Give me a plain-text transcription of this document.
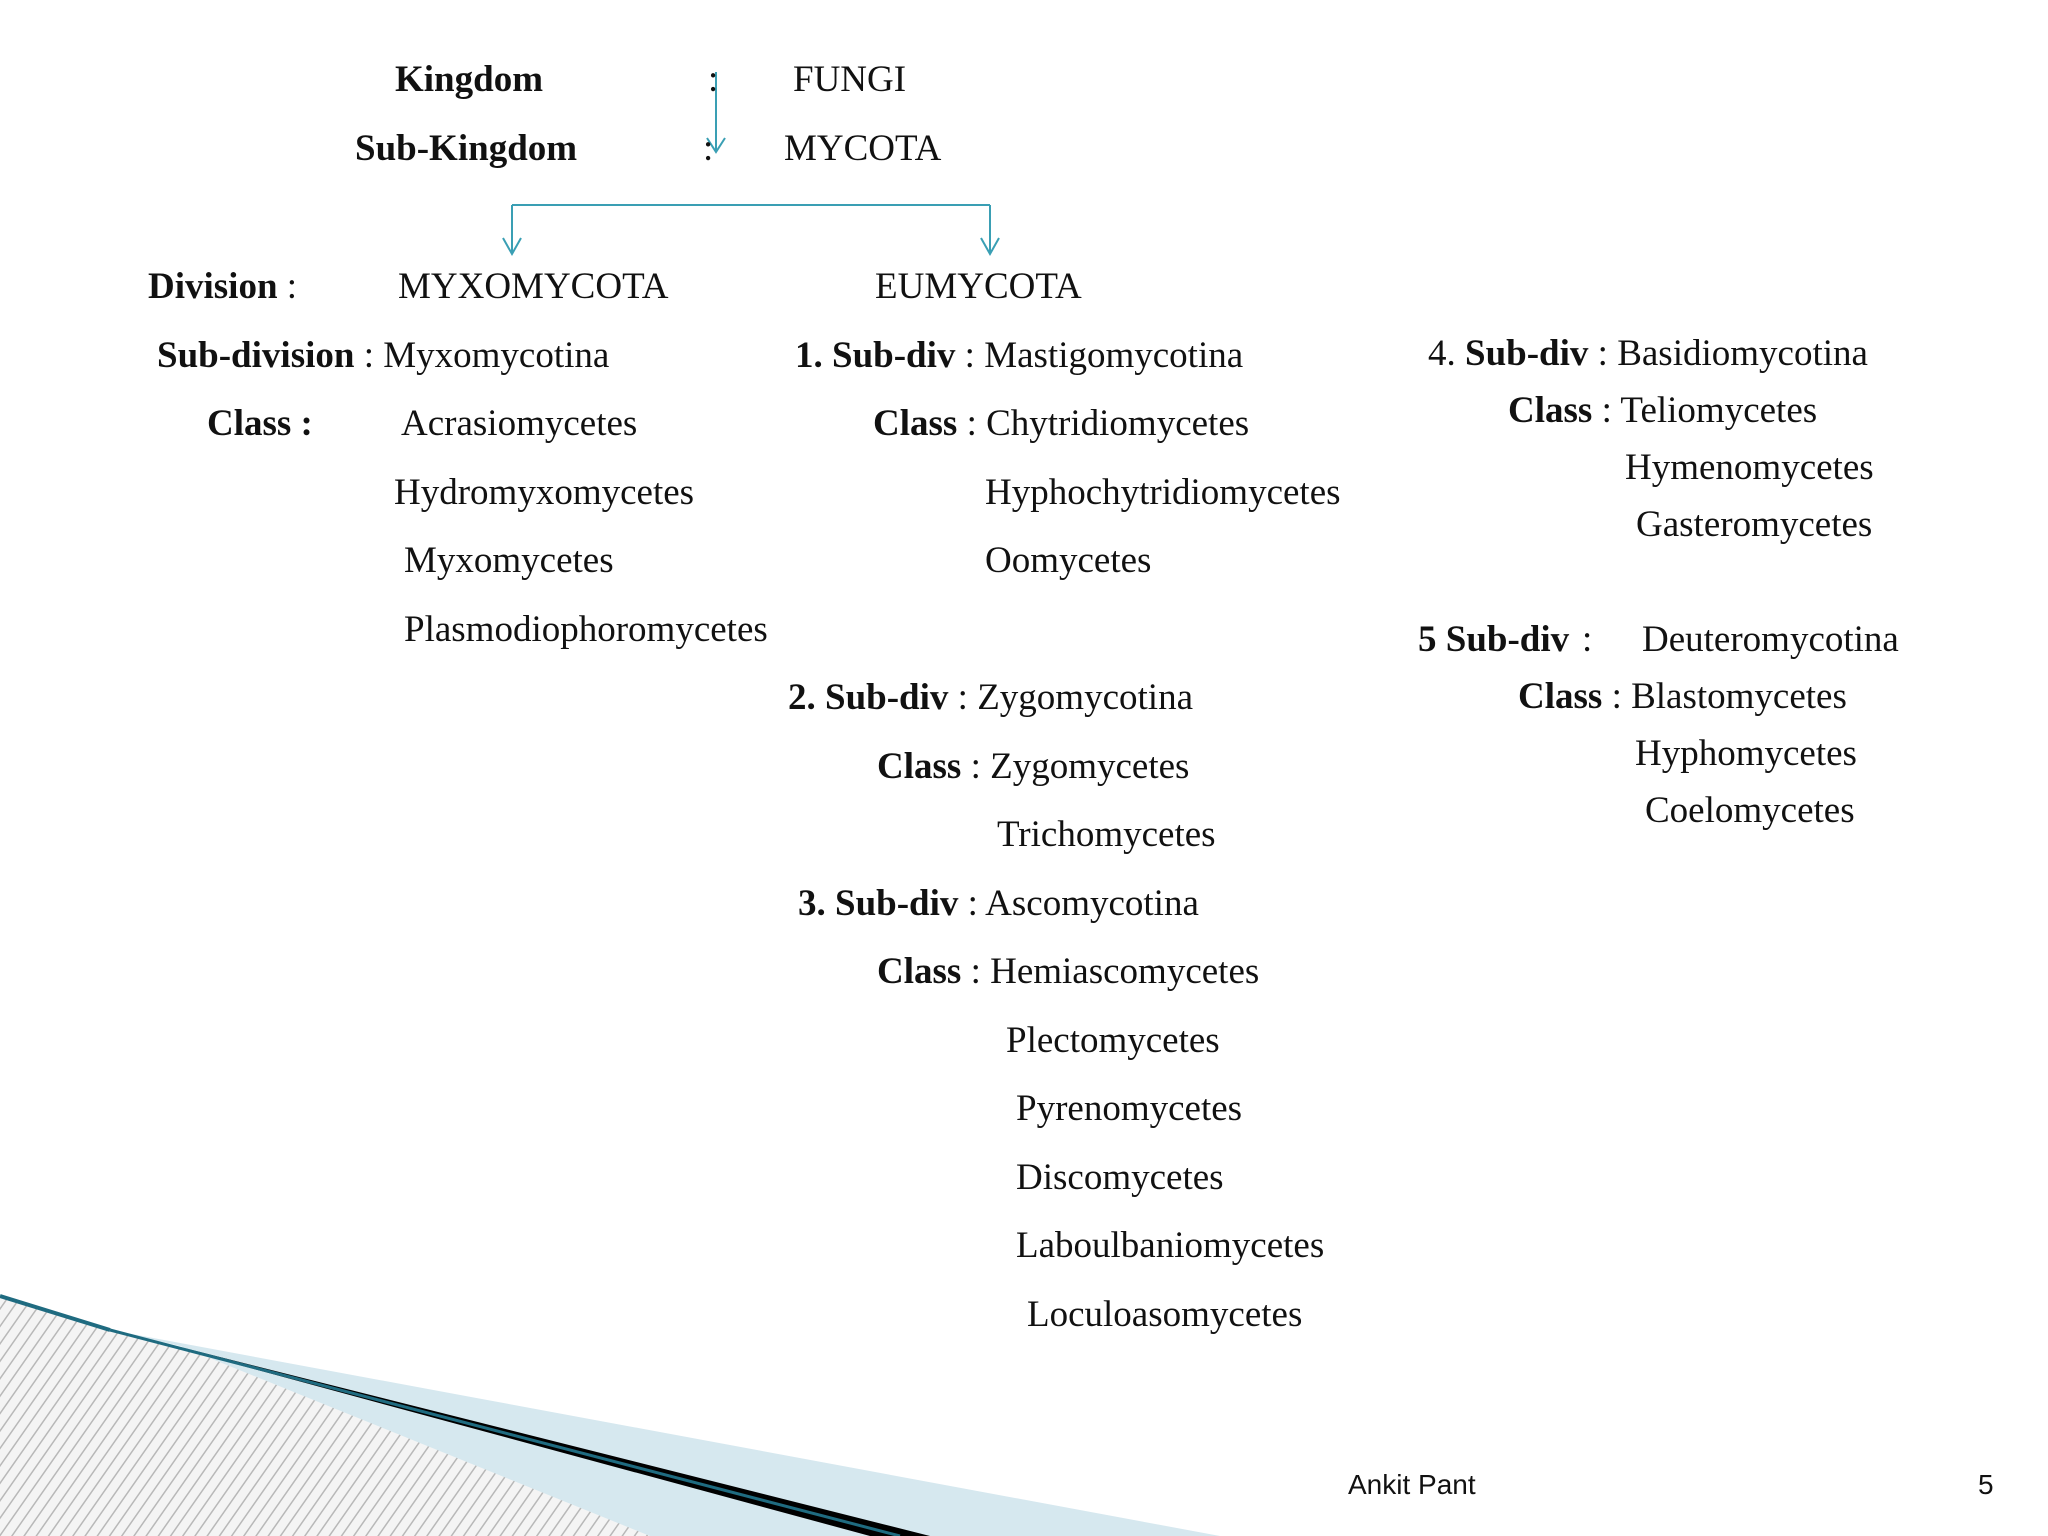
Kingdom	: FUNGI
Sub-Kingdom	: MYCOTA
Division :	MYXOMYCOTA	EUMYCOTA
Sub-division : Myxomycotina
Class : Acrasiomycetes
Hydromyxomycetes
Myxomycetes
Plasmodiophoromycetes
1. Sub-div : Mastigomycotina
Class : Chytridiomycetes
Hyphochytridiomycetes
Oomycetes
2. Sub-div : Zygomycotina
Class : Zygomycetes
Trichomycetes
3. Sub-div : Ascomycotina
Class : Hemiascomycetes
Plectomycetes
Pyrenomycetes
Discomycetes
Laboulbaniomycetes
Loculoasomycetes
4. Sub-div : Basidiomycotina
Class : Teliomycetes
Hymenomycetes
Gasteromycetes
5 Sub-div : Deuteromycotina
Class : Blastomycetes
Hyphomycetes
Coelomycetes
Ankit Pant	5
